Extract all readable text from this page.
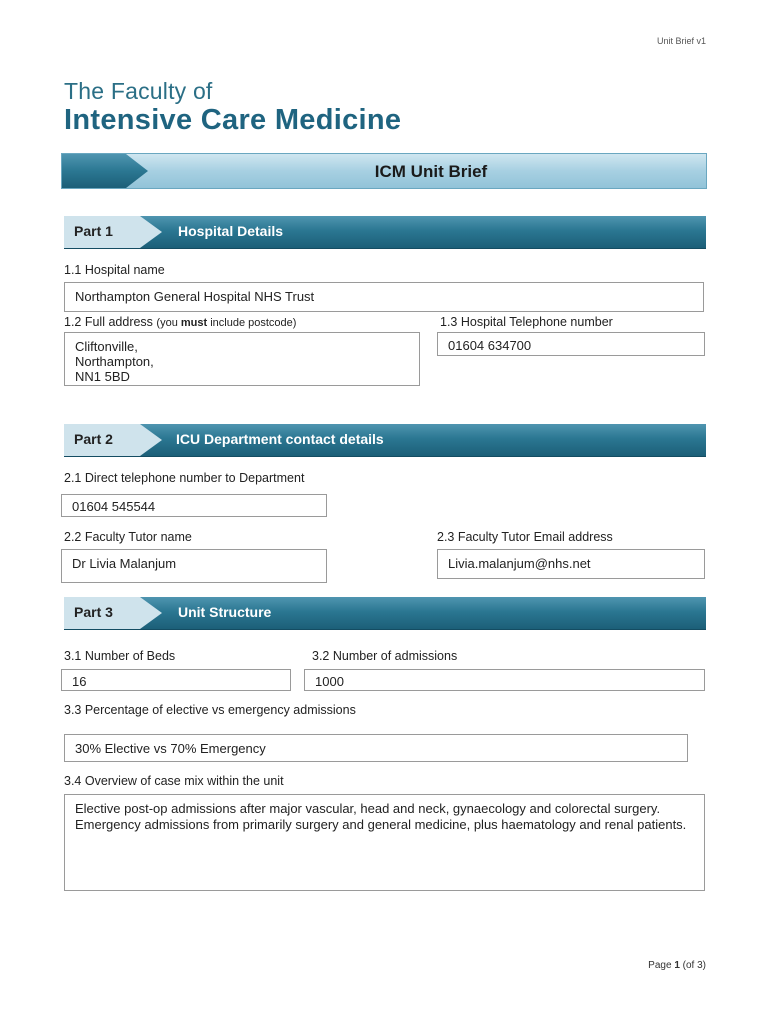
Unit Brief v1
The Faculty of
Intensive Care Medicine
ICM Unit Brief
Part 1	Hospital Details
1.1 Hospital name
Northampton General Hospital NHS Trust
1.2 Full address (you must include postcode)
Cliftonville,
Northampton,
NN1 5BD
1.3 Hospital Telephone number
01604 634700
Part 2	ICU Department contact details
2.1 Direct telephone number to Department
01604 545544
2.2 Faculty Tutor name
Dr Livia Malanjum
2.3 Faculty Tutor Email address
Livia.malanjum@nhs.net
Part 3	Unit Structure
3.1 Number of Beds
16
3.2 Number of admissions
1000
3.3 Percentage of elective vs emergency admissions
30% Elective vs 70% Emergency
3.4 Overview of case mix within the unit
Elective post-op admissions after major vascular, head and neck, gynaecology and colorectal surgery. Emergency admissions from primarily surgery and general medicine, plus haematology and renal patients.
Page 1 (of 3)
